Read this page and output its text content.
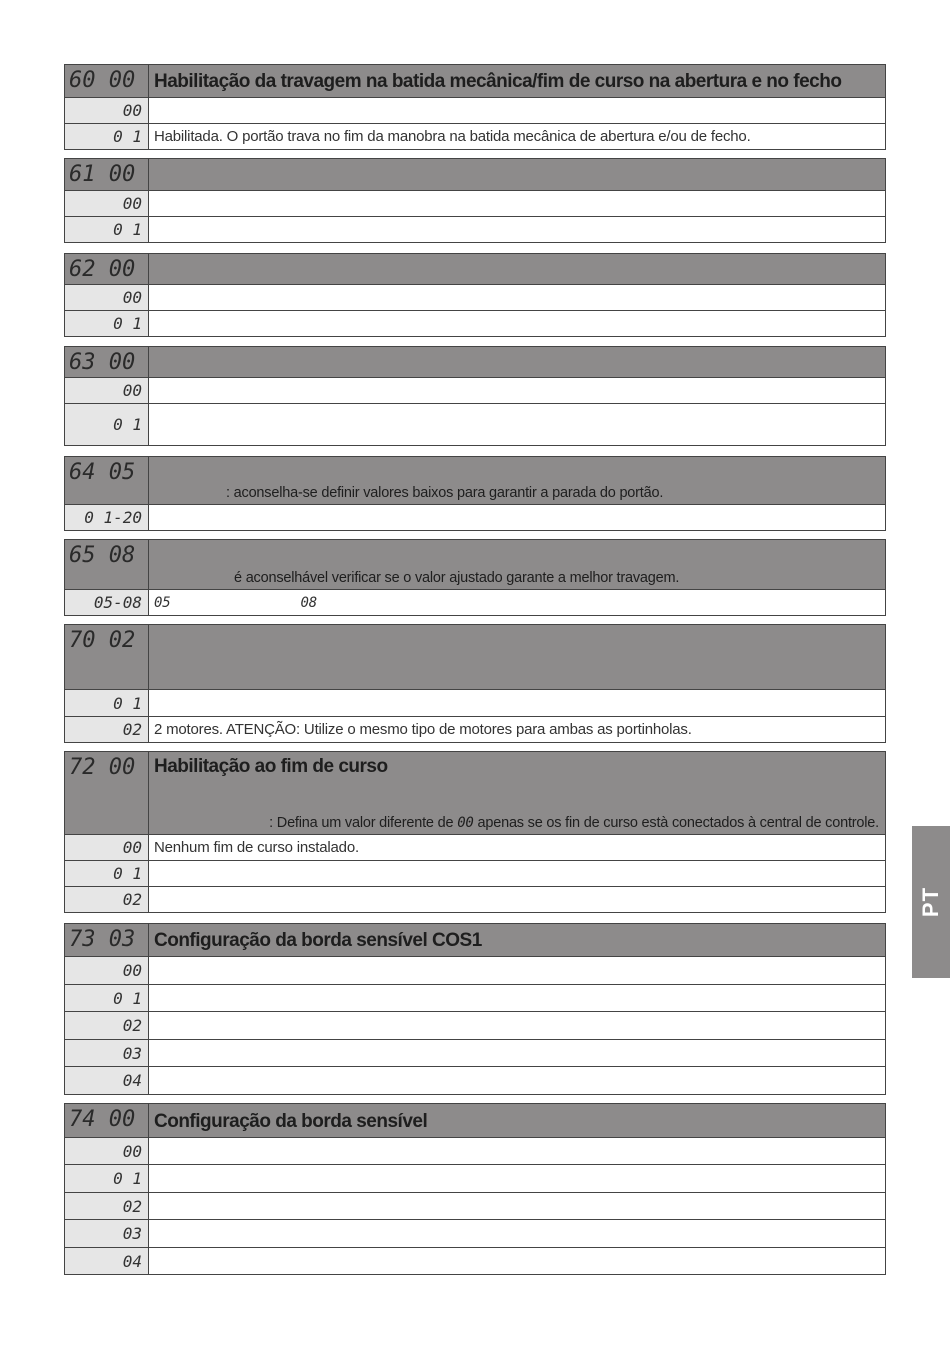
60 00 Habilitação da travagem na batida mecânica/fim de curso na abertura e no fecho
00
0 1 Habilitada. O portão trava no fim da manobra na batida mecânica de abertura e/ou de fecho.
61 00
00
0 1
62 00
00
0 1
63 00
00
0 1
64 05
: aconselha-se definir valores baixos para garantir a parada do portão.
0 1-20
65 08
é aconselhável verificar se o valor ajustado garante a melhor travagem.
05-08 05	08
70 02
0 1
02 2 motores. ATENÇÃO: Utilize o mesmo tipo de motores para ambas as portinholas.
72 00 Habilitação ao fim de curso
: Defina um valor diferente de 00 apenas se os fin de curso està conectados à central de controle.
00 Nenhum fim de curso instalado.
0 1
02
73 03 Configuração da borda sensível COS1
00
0 1
02
03
04
74 00 Configuração da borda sensível
00
0 1
02
03
04
PT
